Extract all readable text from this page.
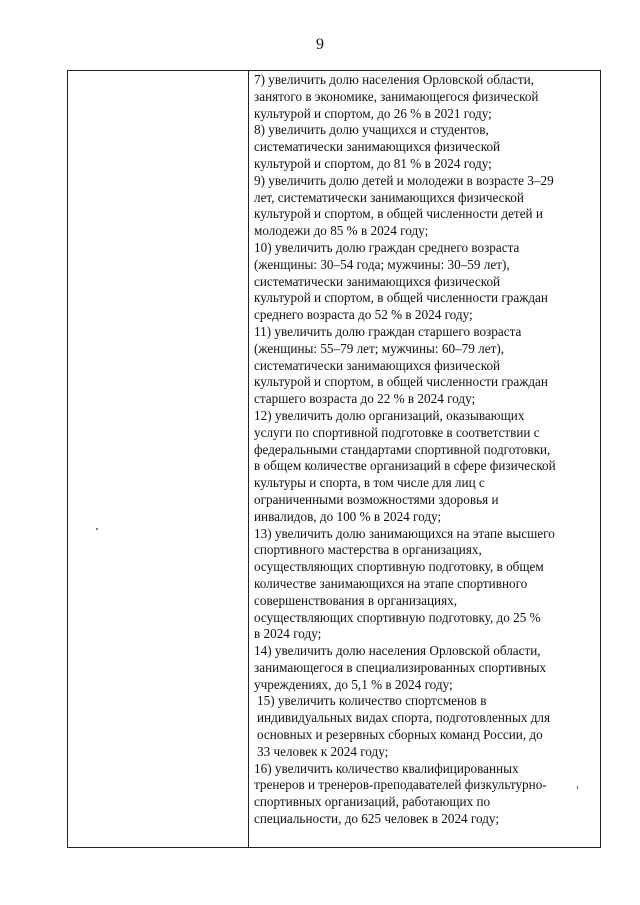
9
7) увеличить долю населения Орловской области,
занятого в экономике, занимающегося физической
культурой и спортом, до 26 % в 2021 году;
8) увеличить долю учащихся и студентов,
систематически занимающихся физической
культурой и спортом, до 81 % в 2024 году;
9) увеличить долю детей и молодежи в возрасте 3–29
лет, систематически занимающихся физической
культурой и спортом, в общей численности детей и
молодежи до 85 % в 2024 году;
10) увеличить долю граждан среднего возраста
(женщины: 30–54 года; мужчины: 30–59 лет),
систематически занимающихся физической
культурой и спортом, в общей численности граждан
среднего возраста до 52 % в 2024 году;
11) увеличить долю граждан старшего возраста
(женщины: 55–79 лет; мужчины: 60–79 лет),
систематически занимающихся физической
культурой и спортом, в общей численности граждан
старшего возраста до 22 % в 2024 году;
12) увеличить долю организаций, оказывающих
услуги по спортивной подготовке в соответствии с
федеральными стандартами спортивной подготовки,
в общем количестве организаций в сфере физической
культуры и спорта, в том числе для лиц с
ограниченными возможностями здоровья и
инвалидов, до 100 % в 2024 году;
13) увеличить долю занимающихся на этапе высшего
спортивного мастерства в организациях,
осуществляющих спортивную подготовку, в общем
количестве занимающихся на этапе спортивного
совершенствования в организациях,
осуществляющих спортивную подготовку, до 25 %
в 2024 году;
14) увеличить долю населения Орловской области,
занимающегося в специализированных спортивных
учреждениях, до 5,1 % в 2024 году;
15) увеличить количество спортсменов в
индивидуальных видах спорта, подготовленных для
основных и резервных сборных команд России, до
33 человек к 2024 году;
16) увеличить количество квалифицированных
тренеров и тренеров-преподавателей физкультурно-
спортивных организаций, работающих по
специальности, до 625 человек в 2024 году;
